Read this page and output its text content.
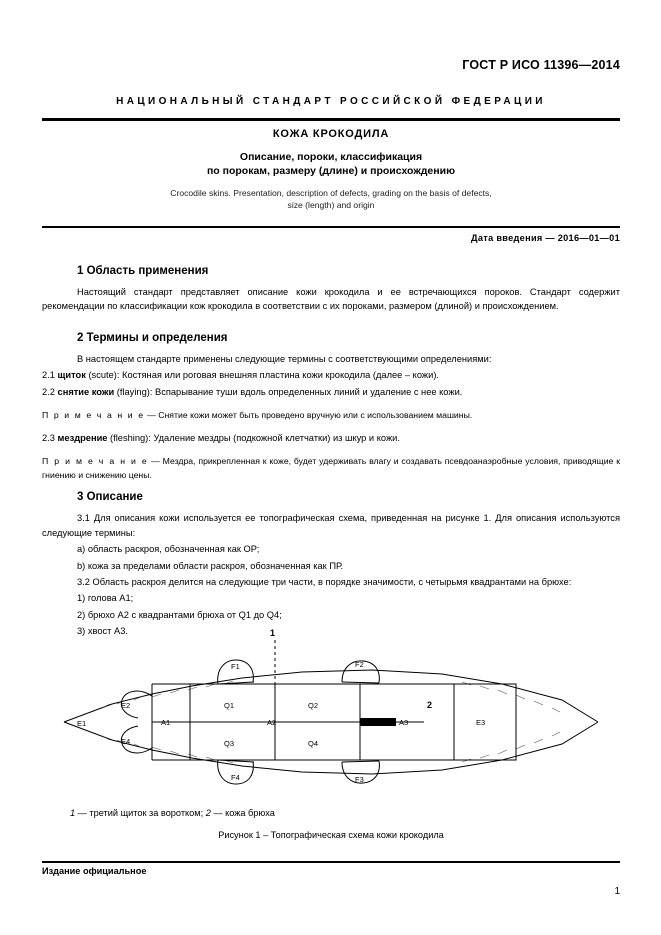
ГОСТ Р ИСО 11396—2014
НАЦИОНАЛЬНЫЙ СТАНДАРТ РОССИЙСКОЙ ФЕДЕРАЦИИ
КОЖА КРОКОДИЛА
Описание, пороки, классификация
по порокам, размеру (длине) и происхождению
Crocodile skins. Presentation, description of defects, grading on the basis of defects,
size (length) and origin
Дата введения — 2016—01—01
1 Область применения

Настоящий стандарт представляет описание кожи крокодила и ее встречающихся пороков. Стандарт содержит рекомендации по классификации кож крокодила в соответствии с их пороками, размером (длиной) и происхождением.

2 Термины и определения

В настоящем стандарте применены следующие термины с соответствующими определениями:

2.1 щиток (scute): Костяная или роговая внешняя пластина кожи крокодила (далее – кожи).

2.2 снятие кожи (flaying): Вспарывание туши вдоль определенных линий и удаление с нее кожи.

П р и м е ч а н и е — Снятие кожи может быть проведено вручную или с использованием машины.

2.3 мездрение (fleshing): Удаление мездры (подкожной клетчатки) из шкур и кожи.

П р и м е ч а н и е — Мездра, прикрепленная к коже, будет удерживать влагу и создавать псевдоанаэробные условия, приводящие к гниению и снижению цены.

3 Описание

3.1 Для описания кожи используется ее топографическая схема, приведенная на рисунке 1. Для описания используются следующие термины:

a) область раскроя, обозначенная как ОР;

b) кожа за пределами области раскроя, обозначенная как ПР.

3.2 Область раскроя делится на следующие три части, в порядке значимости, с четырьмя квадрантами на брюхе:

1) голова А1;

2) брюхо А2 с квадрантами брюха от Q1 до Q4;

3) хвост А3.

E1
E2
E4
F1	F2
F3
F4
A1	A2	A3	E3
Q1	Q2
Q3	Q4
1
2
1 — третий щиток за воротком; 2 — кожа брюха
Рисунок 1 – Топографическая схема кожи крокодила
Издание официальное
1
